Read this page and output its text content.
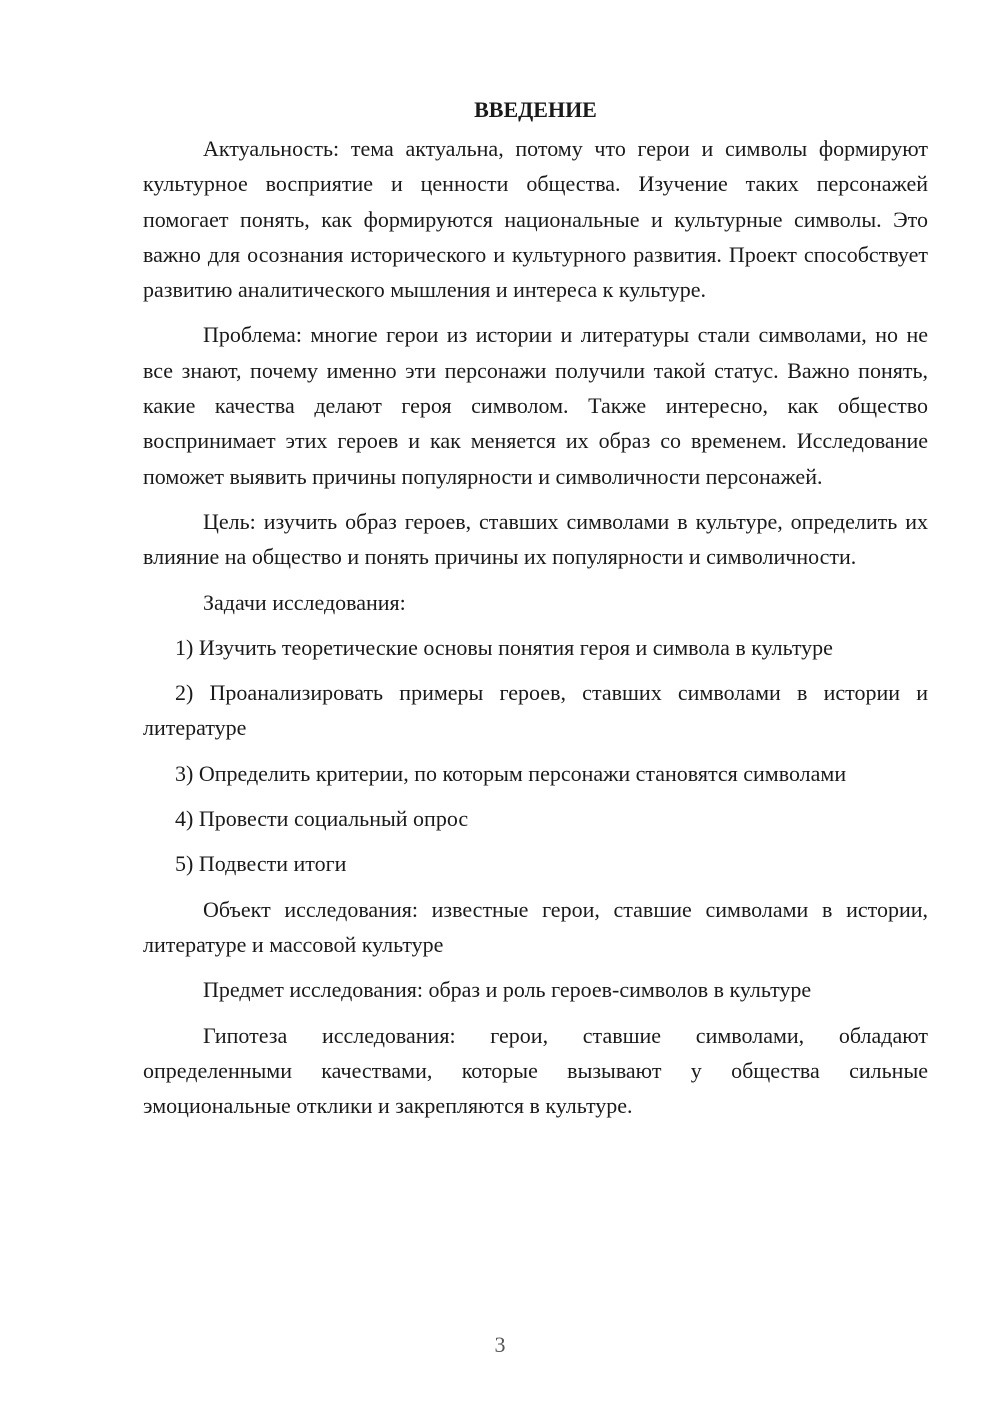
ВВЕДЕНИЕ

Актуальность: тема актуальна, потому что герои и символы формируют культурное восприятие и ценности общества. Изучение таких персонажей помогает понять, как формируются национальные и культурные символы. Это важно для осознания исторического и культурного развития. Проект способствует развитию аналитического мышления и интереса к культуре.

Проблема: многие герои из истории и литературы стали символами, но не все знают, почему именно эти персонажи получили такой статус. Важно понять, какие качества делают героя символом. Также интересно, как общество воспринимает этих героев и как меняется их образ со временем. Исследование поможет выявить причины популярности и символичности персонажей.

Цель: изучить образ героев, ставших символами в культуре, определить их влияние на общество и понять причины их популярности и символичности.

Задачи исследования:

1) Изучить теоретические основы понятия героя и символа в культуре

2) Проанализировать примеры героев, ставших символами в истории и литературе

3) Определить критерии, по которым персонажи становятся символами

4) Провести социальный опрос

5) Подвести итоги

Объект исследования: известные герои, ставшие символами в истории, литературе и массовой культуре

Предмет исследования: образ и роль героев-символов в культуре

Гипотеза исследования: герои, ставшие символами, обладают определенными качествами, которые вызывают у общества сильные эмоциональные отклики и закрепляются в культуре.

3
